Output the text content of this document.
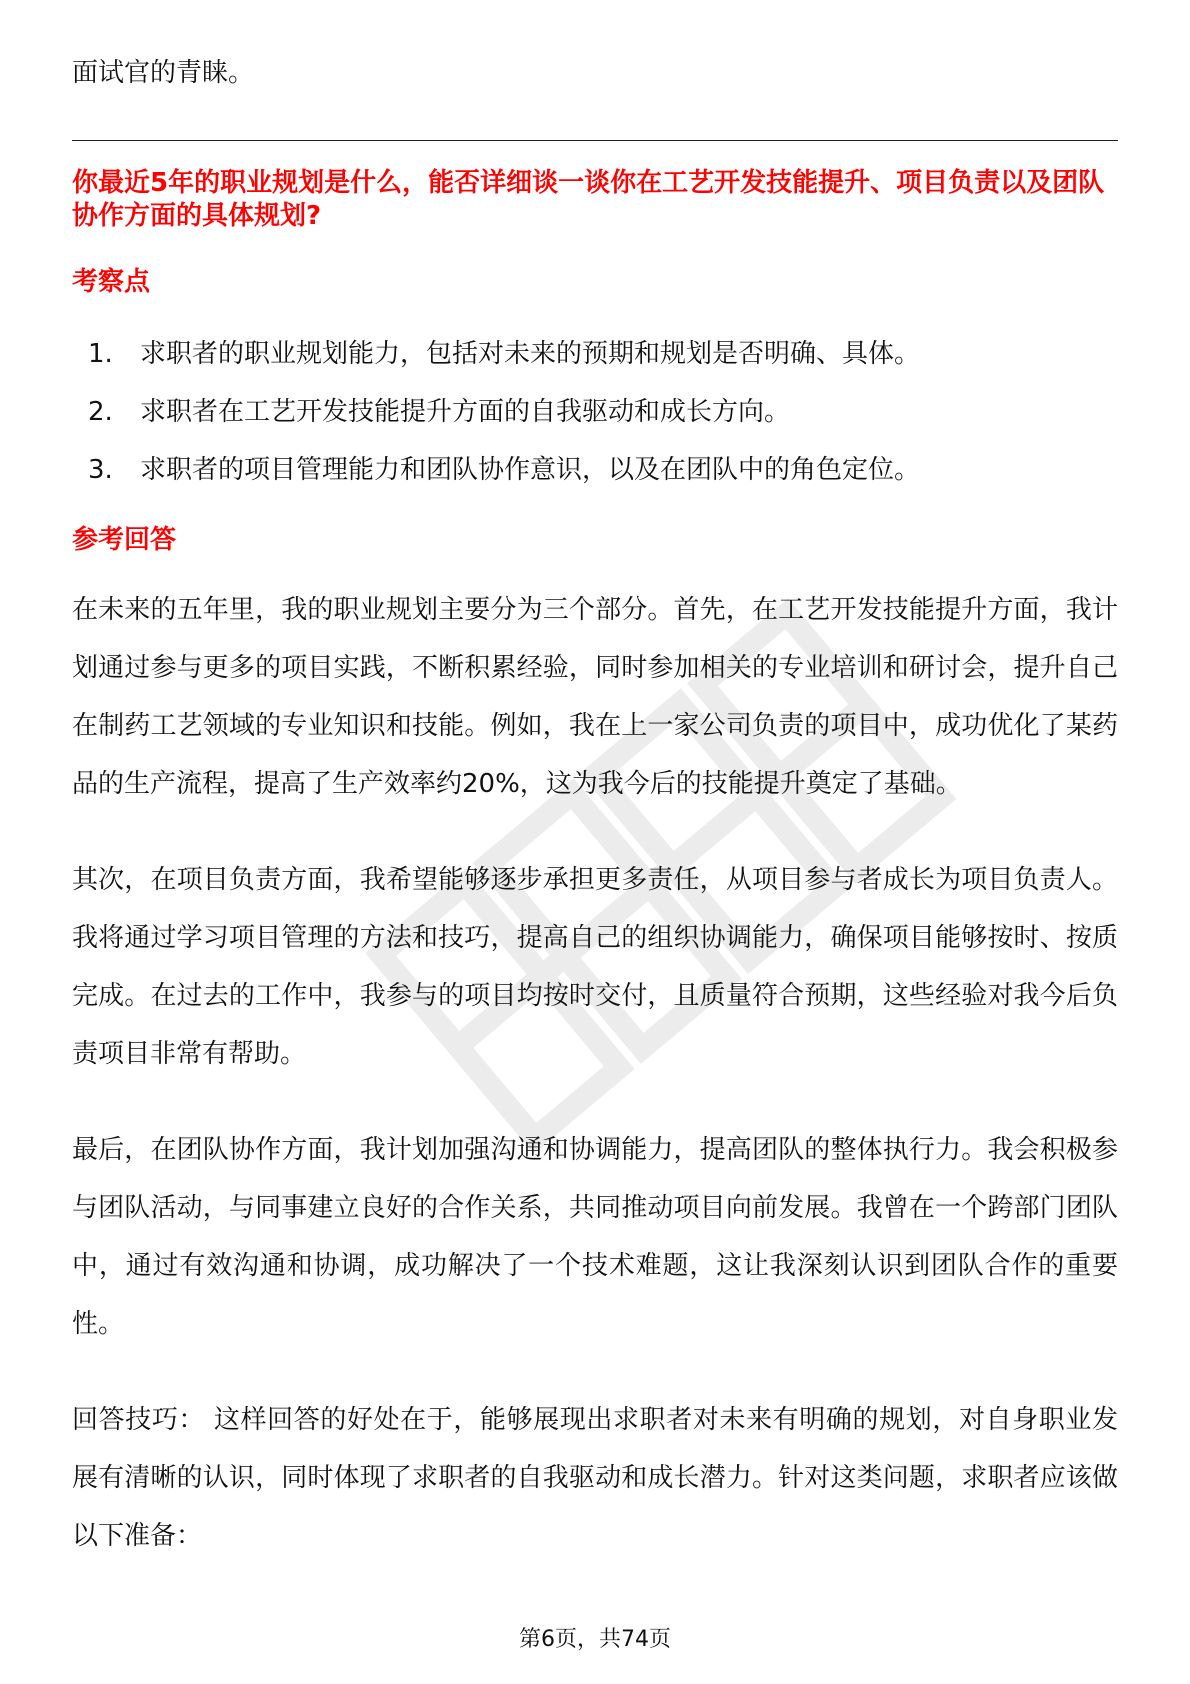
面试官的青睐。

你最近5年的职业规划是什么，能否详细谈一谈你在工艺开发技能提升、项目负责以及团队协作方面的具体规划?

考察点

1.	求职者的职业规划能力，包括对未来的预期和规划是否明确、具体。
2.	求职者在工艺开发技能提升方面的自我驱动和成长方向。
3.	求职者的项目管理能力和团队协作意识，以及在团队中的角色定位。

参考回答

在未来的五年里，我的职业规划主要分为三个部分。首先，在工艺开发技能提升方面，我计划通过参与更多的项目实践，不断积累经验，同时参加相关的专业培训和研讨会，提升自己在制药工艺领域的专业知识和技能。例如，我在上一家公司负责的项目中，成功优化了某药品的生产流程，提高了生产效率约20%，这为我今后的技能提升奠定了基础。

其次，在项目负责方面，我希望能够逐步承担更多责任，从项目参与者成长为项目负责人。我将通过学习项目管理的方法和技巧，提高自己的组织协调能力，确保项目能够按时、按质完成。在过去的工作中，我参与的项目均按时交付，且质量符合预期，这些经验对我今后负责项目非常有帮助。

最后，在团队协作方面，我计划加强沟通和协调能力，提高团队的整体执行力。我会积极参与团队活动，与同事建立良好的合作关系，共同推动项目向前发展。我曾在一个跨部门团队中，通过有效沟通和协调，成功解决了一个技术难题，这让我深刻认识到团队合作的重要性。

回答技巧： 这样回答的好处在于，能够展现出求职者对未来有明确的规划，对自身职业发展有清晰的认识，同时体现了求职者的自我驱动和成长潜力。针对这类问题，求职者应该做以下准备：

第6页，共74页
